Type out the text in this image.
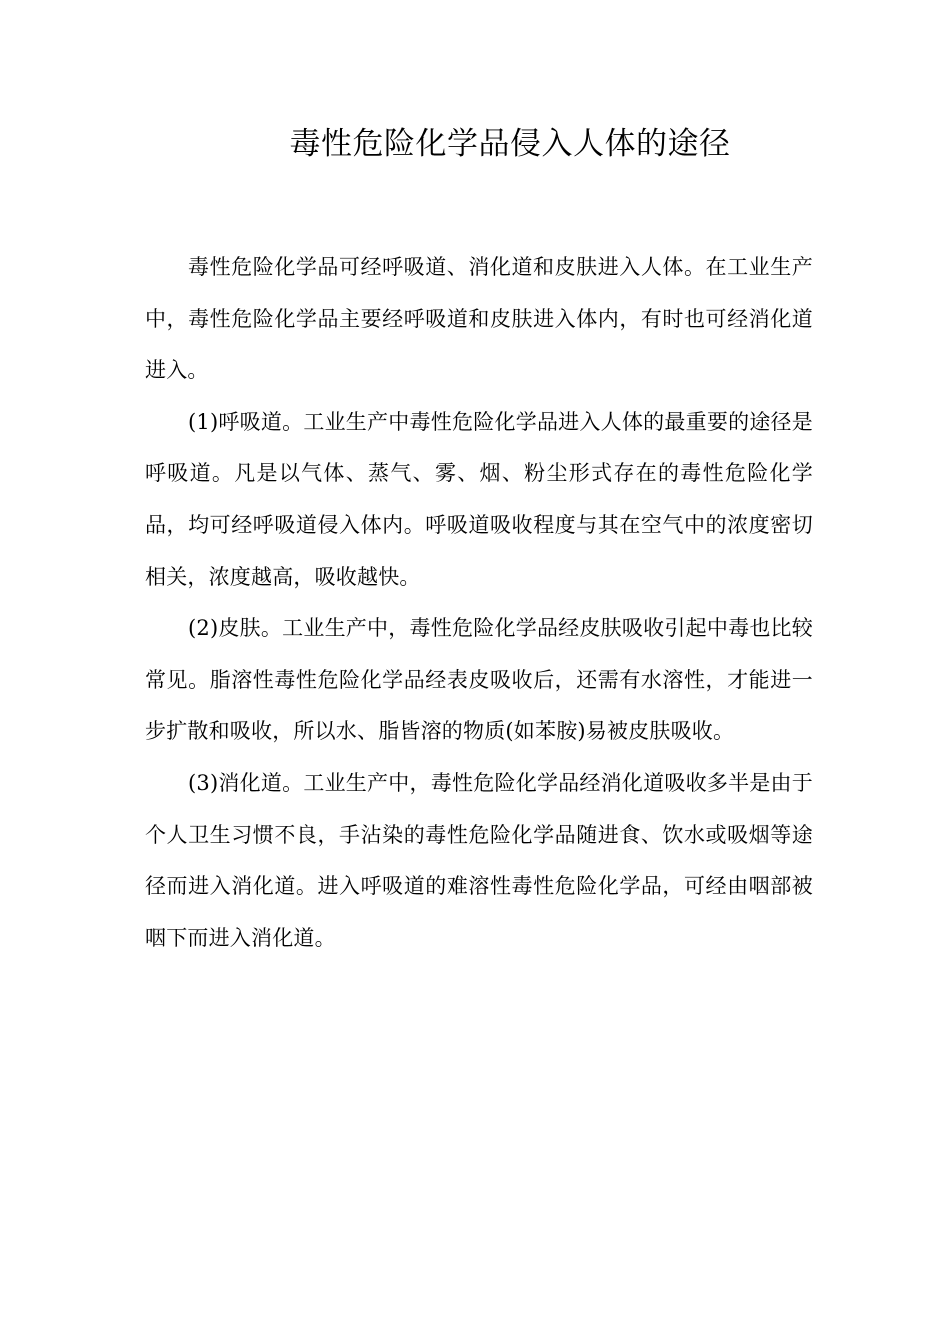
毒性危险化学品侵入人体的途径

毒性危险化学品可经呼吸道、消化道和皮肤进入人体。在工业生产中，毒性危险化学品主要经呼吸道和皮肤进入体内，有时也可经消化道进入。

(1)呼吸道。工业生产中毒性危险化学品进入人体的最重要的途径是呼吸道。凡是以气体、蒸气、雾、烟、粉尘形式存在的毒性危险化学品，均可经呼吸道侵入体内。呼吸道吸收程度与其在空气中的浓度密切相关，浓度越高，吸收越快。

(2)皮肤。工业生产中，毒性危险化学品经皮肤吸收引起中毒也比较常见。脂溶性毒性危险化学品经表皮吸收后，还需有水溶性，才能进一步扩散和吸收，所以水、脂皆溶的物质(如苯胺)易被皮肤吸收。

(3)消化道。工业生产中，毒性危险化学品经消化道吸收多半是由于个人卫生习惯不良，手沾染的毒性危险化学品随进食、饮水或吸烟等途径而进入消化道。进入呼吸道的难溶性毒性危险化学品，可经由咽部被咽下而进入消化道。
